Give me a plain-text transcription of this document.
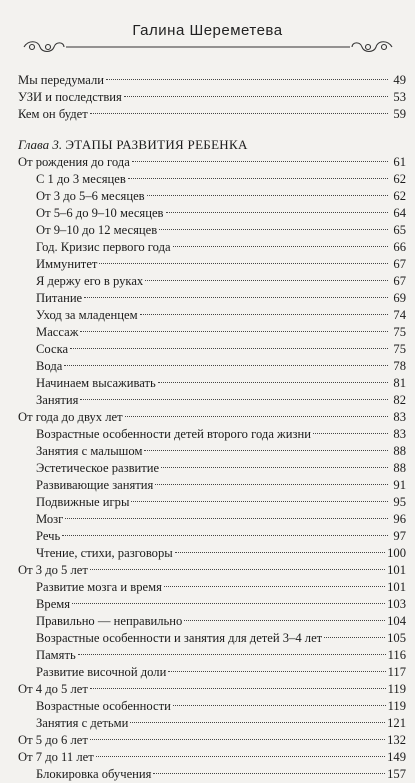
Галина Шереметева
Мы передумали	49
УЗИ и последствия	53
Кем он будет	59
Глава 3. ЭТАПЫ РАЗВИТИЯ РЕБЕНКА
От рождения до года	61
С 1 до 3 месяцев	62
От 3 до 5–6 месяцев	62
От 5–6 до 9–10 месяцев	64
От 9–10 до 12 месяцев	65
Год. Кризис первого года	66
Иммунитет	67
Я держу его в руках	67
Питание	69
Уход за младенцем	74
Массаж	75
Соска	75
Вода	78
Начинаем высаживать	81
Занятия	82
От года до двух лет	83
Возрастные особенности детей второго года жизни	83
Занятия с малышом	88
Эстетическое развитие	88
Развивающие занятия	91
Подвижные игры	95
Мозг	96
Речь	97
Чтение, стихи, разговоры	100
От 3 до 5 лет	101
Развитие мозга и время	101
Время	103
Правильно — неправильно	104
Возрастные особенности и занятия для детей 3–4 лет	105
Память	116
Развитие височной доли	117
От 4 до 5 лет	119
Возрастные особенности	119
Занятия с детьми	121
От 5 до 6 лет	132
От 7 до 11 лет	149
Блокировка обучения	157
